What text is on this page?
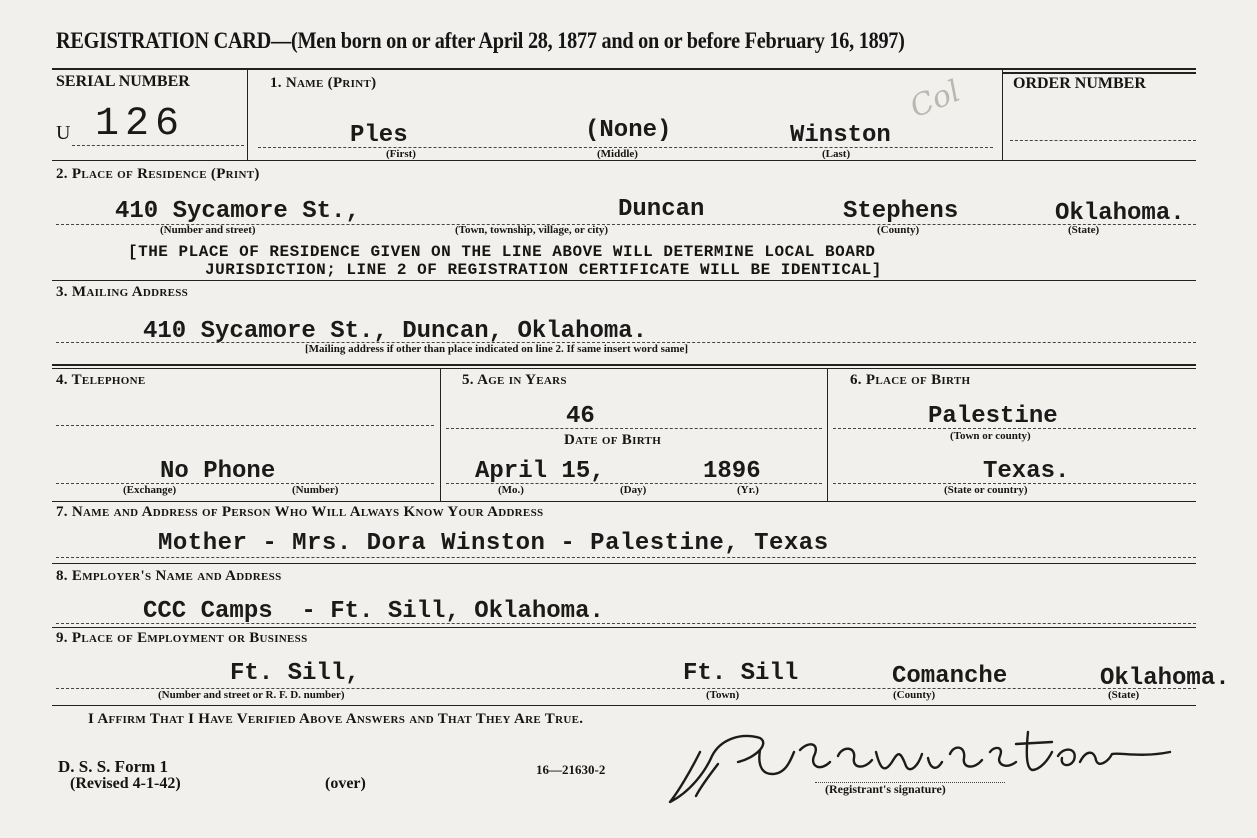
REGISTRATION CARD—(Men born on or after April 28, 1877 and on or before February 16, 1897)
SERIAL NUMBER
U 126
1. Name (Print)
Ples	(None)	Winston
(First)	(Middle)	(Last)
Col	ORDER NUMBER
2. Place of Residence (Print)
410 Sycamore St.,	Duncan	Stephens	Oklahoma.
(Number and street)	(Town, township, village, or city)	(County)	(State)
[THE PLACE OF RESIDENCE GIVEN ON THE LINE ABOVE WILL DETERMINE LOCAL BOARD
JURISDICTION; LINE 2 OF REGISTRATION CERTIFICATE WILL BE IDENTICAL]
3. Mailing Address
410 Sycamore St., Duncan, Oklahoma.
[Mailing address if other than place indicated on line 2. If same insert word same]
4. Telephone
No Phone
(Exchange)	(Number)
5. Age in Years
46
Date of Birth
April 15,	1896
(Mo.)	(Day)	(Yr.)
6. Place of Birth
Palestine
(Town or county)
Texas.
(State or country)
7. Name and Address of Person Who Will Always Know Your Address
Mother - Mrs. Dora Winston - Palestine, Texas
8. Employer's Name and Address
CCC Camps  - Ft. Sill, Oklahoma.
9. Place of Employment or Business
Ft. Sill,	Ft. Sill	Comanche	Oklahoma.
(Number and street or R. F. D. number)	(Town)	(County)	(State)
I Affirm That I Have Verified Above Answers and That They Are True.
D. S. S. Form 1
(Revised 4-1-42)	(over)
16—21630-2
(Registrant's signature)
